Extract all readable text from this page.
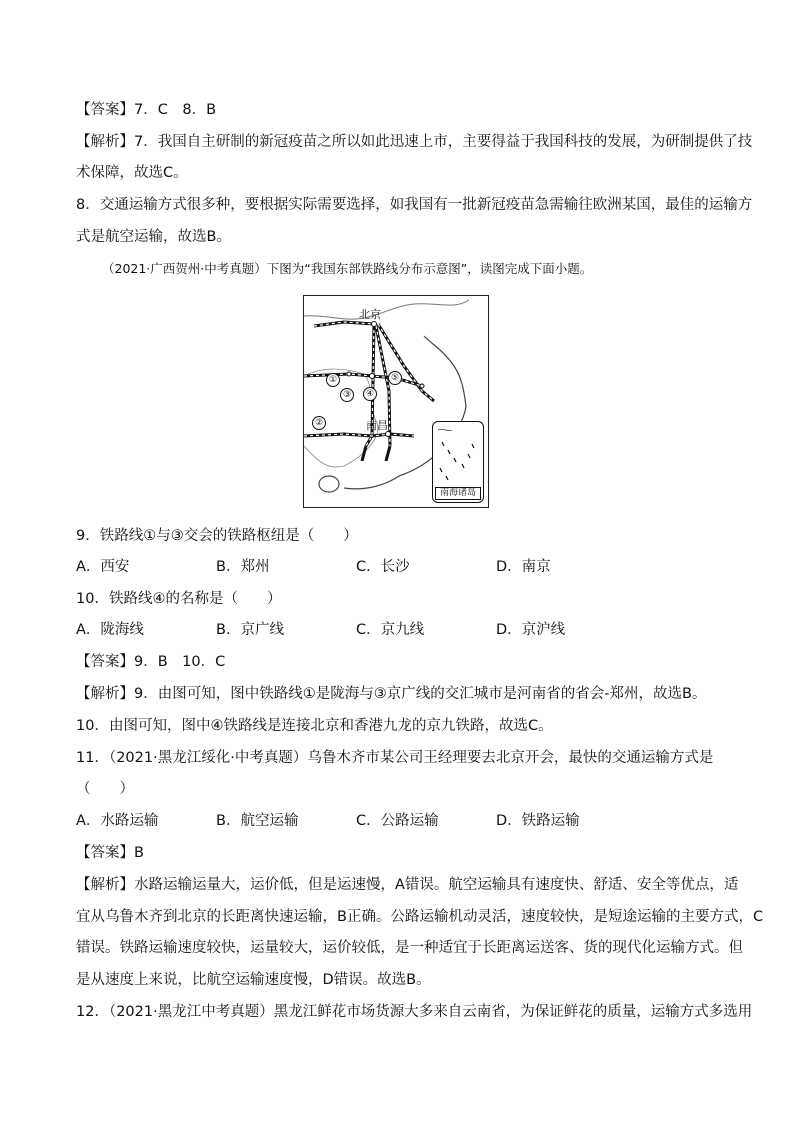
【答案】7．C　8．B
【解析】7．我国自主研制的新冠疫苗之所以如此迅速上市，主要得益于我国科技的发展，为研制提供了技
术保障，故选C。
8．交通运输方式很多种，要根据实际需要选择，如我国有一批新冠疫苗急需输往欧洲某国，最佳的运输方
式是航空运输，故选B。
（2021·广西贺州·中考真题）下图为“我国东部铁路线分布示意图”，读图完成下面小题。
北京
南昌
①
②
③	④
⑤
南海诸岛
9．铁路线①与③交会的铁路枢纽是（　　）
A．西安	B．郑州	C．长沙	D．南京
10．铁路线④的名称是（　　）
A．陇海线	B．京广线	C．京九线	D．京沪线
【答案】9．B　10．C
【解析】9．由图可知，图中铁路线①是陇海与③京广线的交汇城市是河南省的省会-郑州，故选B。
10．由图可知，图中④铁路线是连接北京和香港九龙的京九铁路，故选C。
11．（2021·黑龙江绥化·中考真题）乌鲁木齐市某公司王经理要去北京开会，最快的交通运输方式是
（　　）
A．水路运输	B．航空运输	C．公路运输	D．铁路运输
【答案】B
【解析】水路运输运量大，运价低，但是运速慢，A错误。航空运输具有速度快、舒适、安全等优点，适
宜从乌鲁木齐到北京的长距离快速运输，B正确。公路运输机动灵活，速度较快，是短途运输的主要方式，C
错误。铁路运输速度较快，运量较大，运价较低，是一种适宜于长距离运送客、货的现代化运输方式。但
是从速度上来说，比航空运输速度慢，D错误。故选B。
12．（2021·黑龙江中考真题）黑龙江鲜花市场货源大多来自云南省，为保证鲜花的质量，运输方式多选用
